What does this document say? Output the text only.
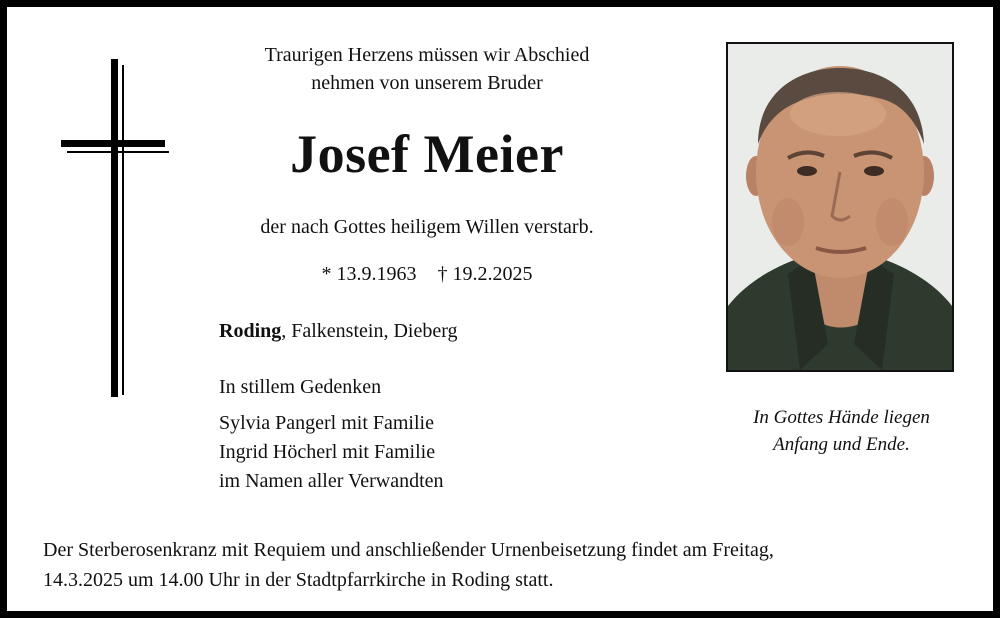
Traurigen Herzens müssen wir Abschied
nehmen von unserem Bruder
Josef Meier
der nach Gottes heiligem Willen verstarb.
* 13.9.1963 † 19.2.2025
Roding, Falkenstein, Dieberg
In stillem Gedenken
Sylvia Pangerl mit Familie
Ingrid Höcherl mit Familie
im Namen aller Verwandten
In Gottes Hände liegen
Anfang und Ende.
Der Sterberosenkranz mit Requiem und anschließender Urnenbeisetzung findet am Freitag,
14.3.2025 um 14.00 Uhr in der Stadtpfarrkirche in Roding statt.
